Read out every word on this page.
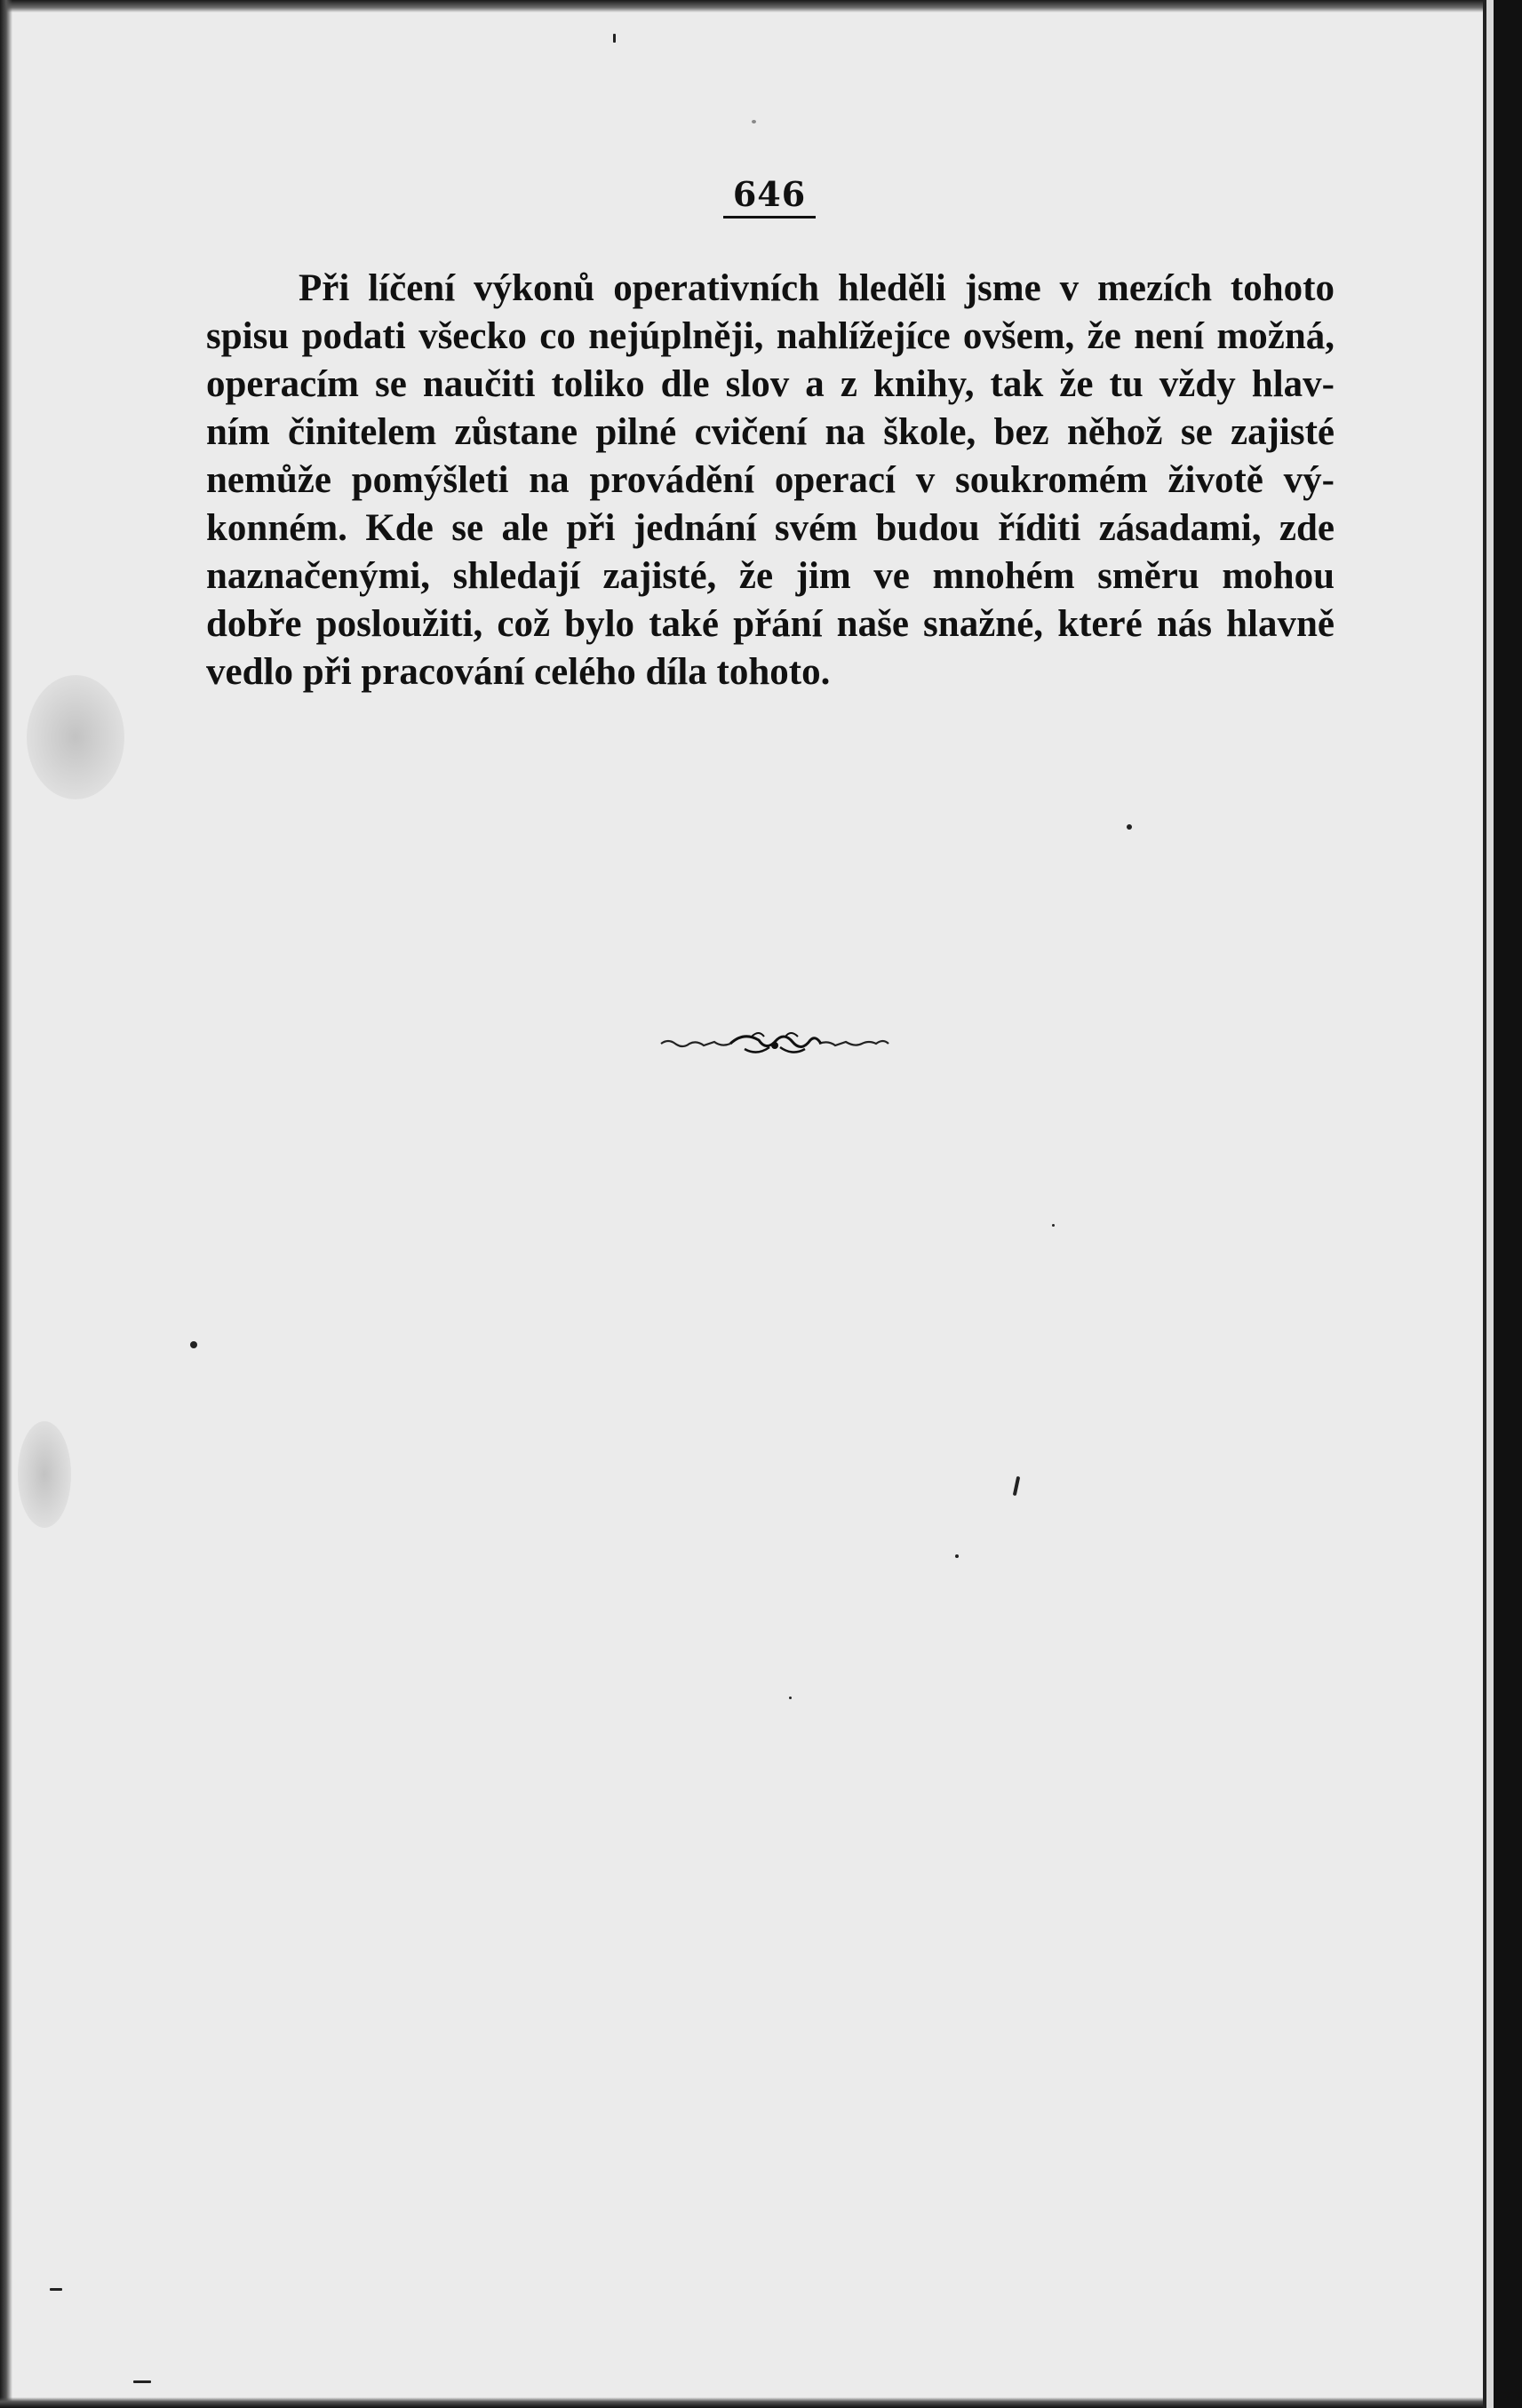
646
Při líčení výkonů operativních hleděli jsme v mezích tohoto
spisu podati všecko co nejúplněji, nahlížejíce ovšem, že není možná,
operacím se naučiti toliko dle slov a z knihy, tak že tu vždy hlav-
ním činitelem zůstane pilné cvičení na škole, bez něhož se zajisté
nemůže pomýšleti na provádění operací v soukromém životě vý-
konném. Kde se ale při jednání svém budou říditi zásadami, zde
naznačenými, shledají zajisté, že jim ve mnohém směru mohou
dobře posloužiti, což bylo také přání naše snažné, které nás hlavně
vedlo při pracování celého díla tohoto.
